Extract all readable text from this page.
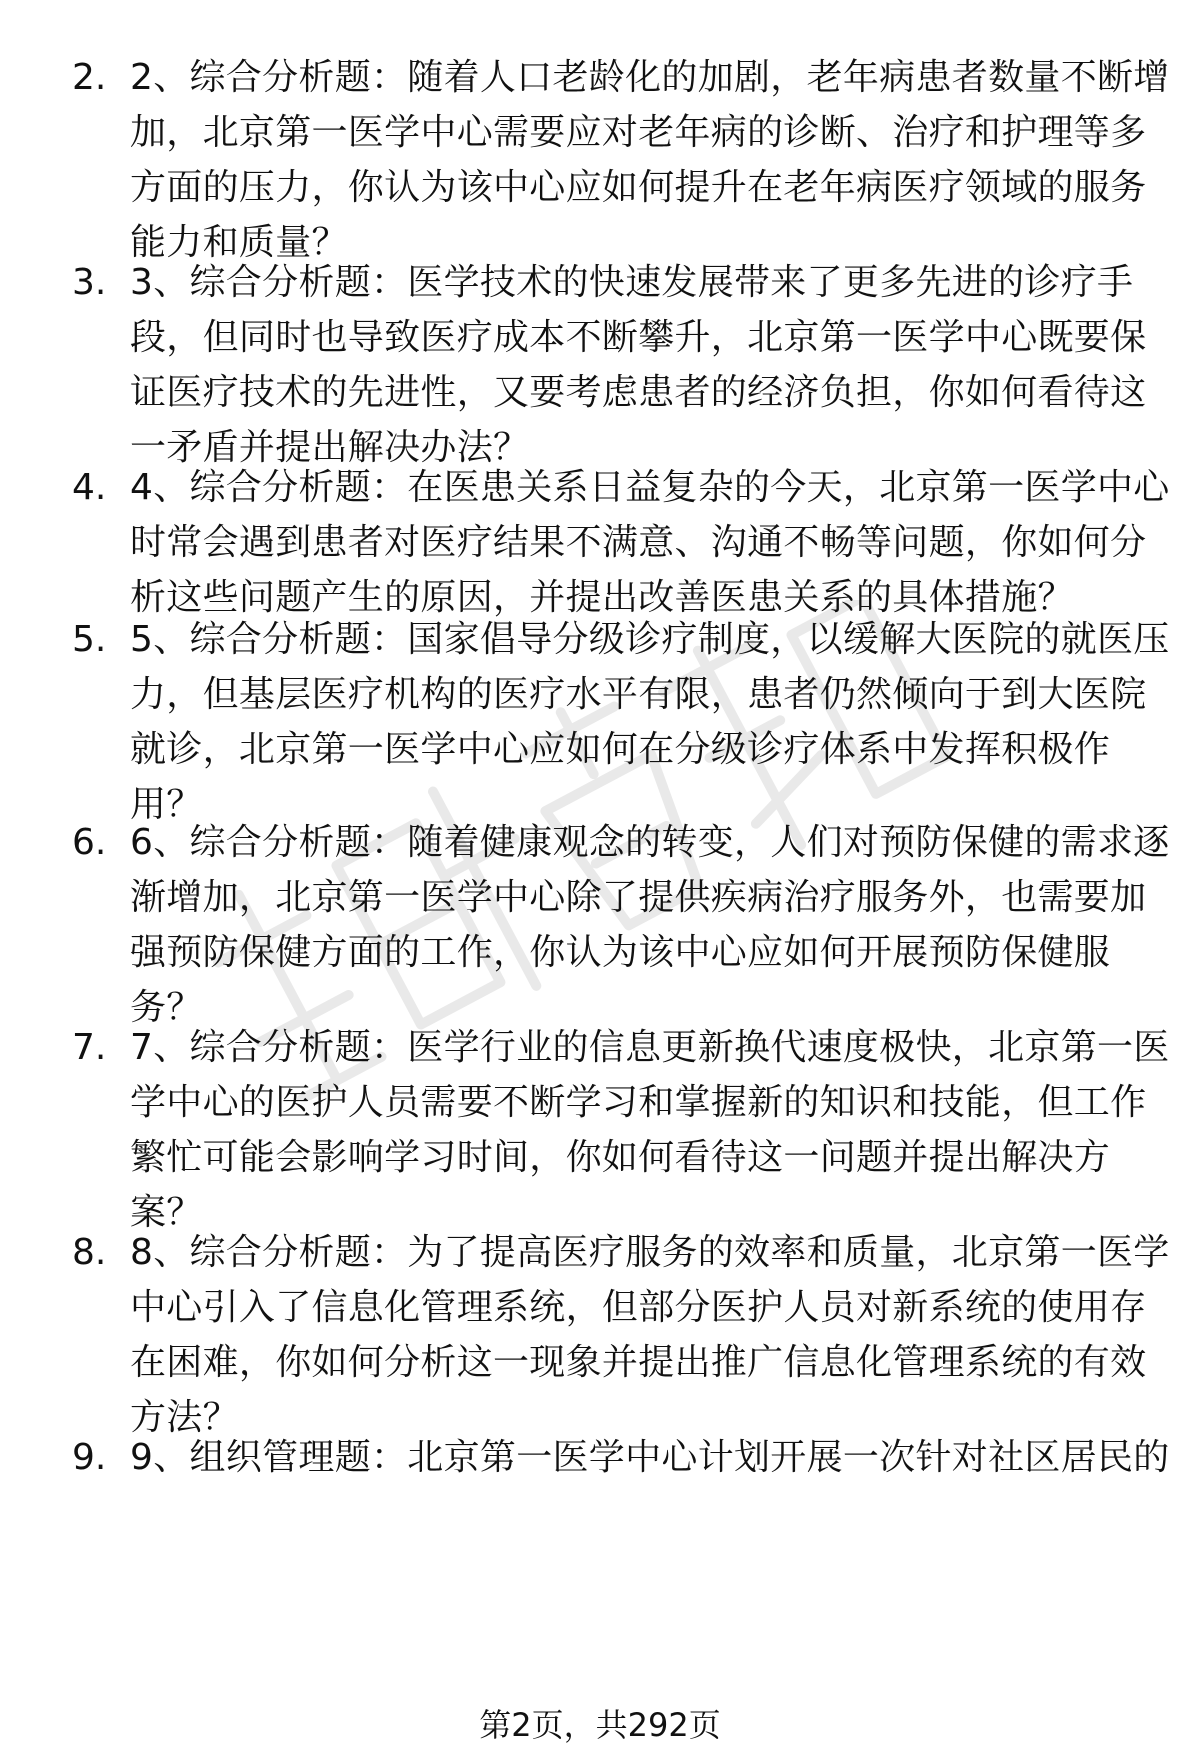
2. 2、综合分析题：随着人口老龄化的加剧，老年病患者数量不断增
加，北京第一医学中心需要应对老年病的诊断、治疗和护理等多
方面的压力，你认为该中心应如何提升在老年病医疗领域的服务
能力和质量？
3. 3、综合分析题：医学技术的快速发展带来了更多先进的诊疗手
段，但同时也导致医疗成本不断攀升，北京第一医学中心既要保
证医疗技术的先进性，又要考虑患者的经济负担，你如何看待这
一矛盾并提出解决办法？
4. 4、综合分析题：在医患关系日益复杂的今天，北京第一医学中心
时常会遇到患者对医疗结果不满意、沟通不畅等问题，你如何分
析这些问题产生的原因，并提出改善医患关系的具体措施？
5. 5、综合分析题：国家倡导分级诊疗制度，以缓解大医院的就医压
力，但基层医疗机构的医疗水平有限，患者仍然倾向于到大医院
就诊，北京第一医学中心应如何在分级诊疗体系中发挥积极作
用？
6. 6、综合分析题：随着健康观念的转变，人们对预防保健的需求逐
渐增加，北京第一医学中心除了提供疾病治疗服务外，也需要加
强预防保健方面的工作，你认为该中心应如何开展预防保健服
务？
7. 7、综合分析题：医学行业的信息更新换代速度极快，北京第一医
学中心的医护人员需要不断学习和掌握新的知识和技能，但工作
繁忙可能会影响学习时间，你如何看待这一问题并提出解决方
案？
8. 8、综合分析题：为了提高医疗服务的效率和质量，北京第一医学
中心引入了信息化管理系统，但部分医护人员对新系统的使用存
在困难，你如何分析这一现象并提出推广信息化管理系统的有效
方法？
9. 9、组织管理题：北京第一医学中心计划开展一次针对社区居民的
第2页，共292页
